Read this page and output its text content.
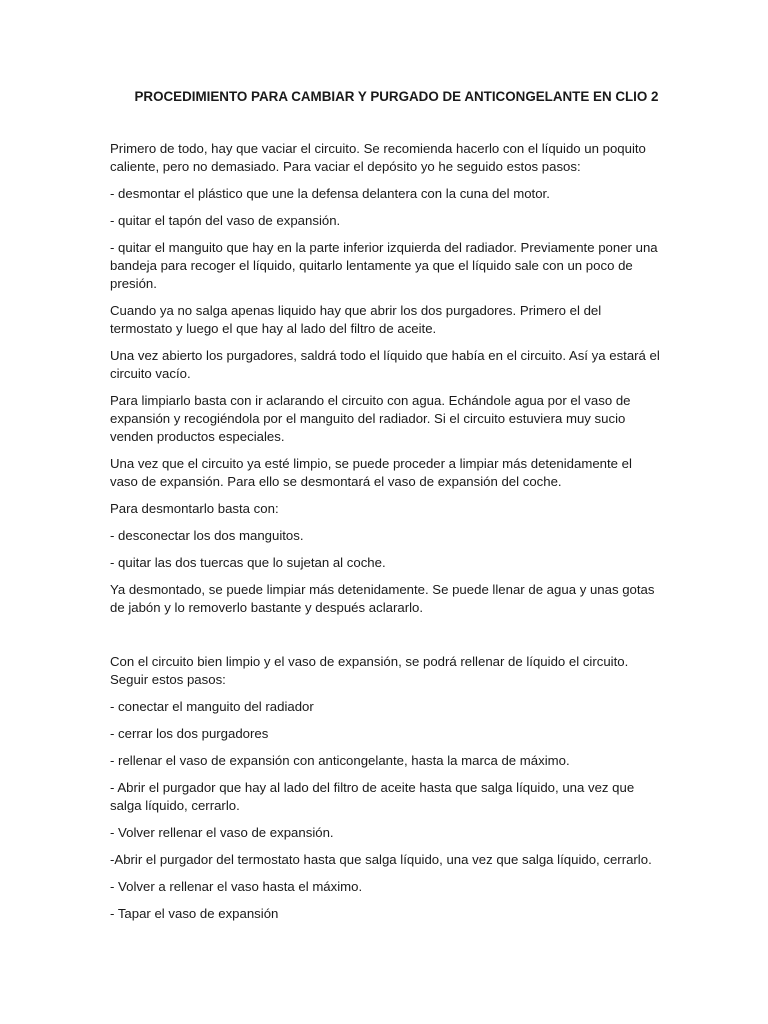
PROCEDIMIENTO PARA CAMBIAR Y PURGADO DE ANTICONGELANTE EN CLIO 2

Primero de todo, hay que vaciar el circuito. Se recomienda hacerlo con el líquido un poquito caliente, pero no demasiado. Para vaciar el depósito yo he seguido estos pasos:

- desmontar el plástico que une la defensa delantera con la cuna del motor.

- quitar el tapón del vaso de expansión.

- quitar el manguito que hay en la parte inferior izquierda del radiador. Previamente poner una bandeja para recoger el líquido, quitarlo lentamente ya que el líquido sale con un poco de presión.

Cuando ya no salga apenas liquido hay que abrir los dos purgadores. Primero el del termostato y luego el que hay al lado del filtro de aceite.

Una vez abierto los purgadores, saldrá todo el líquido que había en el circuito. Así ya estará el circuito vacío.

Para limpiarlo basta con ir aclarando el circuito con agua. Echándole agua por el vaso de expansión y recogiéndola por el manguito del radiador. Si el circuito estuviera muy sucio venden productos especiales.

Una vez que el circuito ya esté limpio, se puede proceder a limpiar más detenidamente el vaso de expansión. Para ello se desmontará el vaso de expansión del coche.

Para desmontarlo basta con:

- desconectar los dos manguitos.

- quitar las dos tuercas que lo sujetan al coche.

Ya desmontado, se puede limpiar más detenidamente. Se puede llenar de agua y unas gotas de jabón y lo removerlo bastante y después aclararlo.

Con el circuito bien limpio y el vaso de expansión, se podrá rellenar de líquido el circuito. Seguir estos pasos:

- conectar el manguito del radiador

- cerrar los dos purgadores

- rellenar el vaso de expansión con anticongelante, hasta la marca de máximo.

- Abrir el purgador que hay al lado del filtro de aceite hasta que salga líquido, una vez que salga líquido, cerrarlo.

- Volver rellenar el vaso de expansión.

-Abrir el purgador del termostato hasta que salga líquido, una vez que salga líquido, cerrarlo.

- Volver a rellenar el vaso hasta el máximo.

- Tapar el vaso de expansión
